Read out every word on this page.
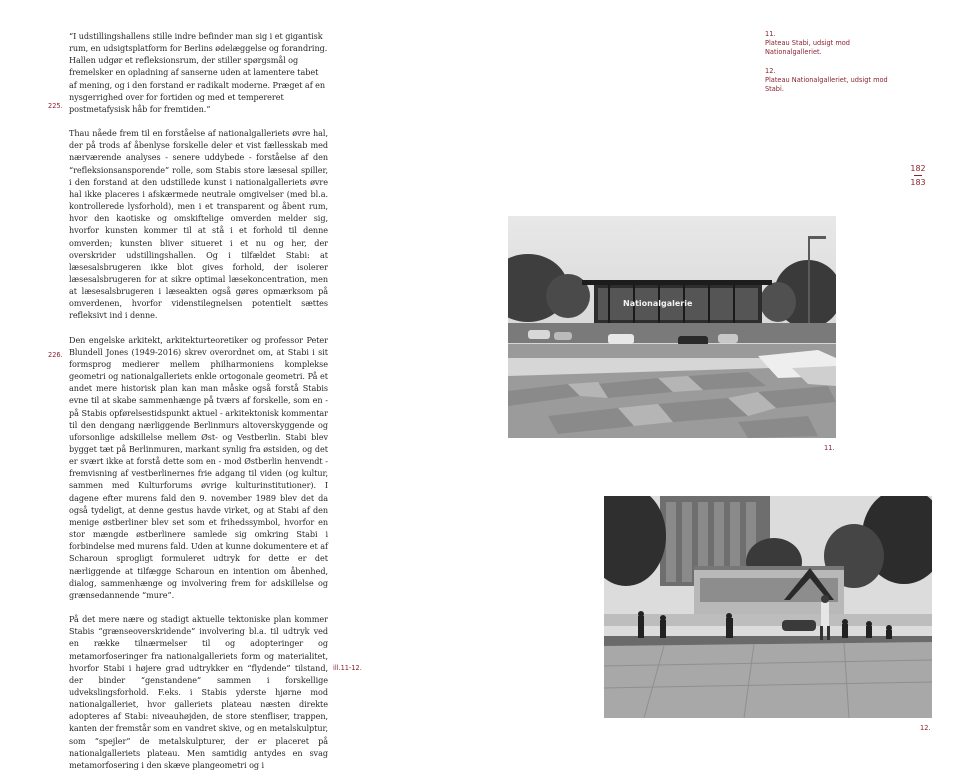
“I udstillingshallens stille indre befinder man sig i et gigantisk rum, en udsigtsplatform for Berlins ødelæggelse og forandring. Hallen udgør et refleksionsrum, der stiller spørgsmål og fremelsker en opladning af sanserne uden at lamentere tabet af mening, og i den forstand er radikalt moderne. Præget af en nysgerrighed over for fortiden og med et tempereret postmetafysisk håb for fremtiden.”

Thau nåede frem til en forståelse af nationalgalleriets øvre hal, der på trods af åbenlyse forskelle deler et vist fællesskab med nærværende analyses - senere uddybede - forståelse af den “refleksionsansporende” rolle, som Stabis store læsesal spiller, i den forstand at den udstillede kunst i nationalgalleriets øvre hal ikke placeres i afskærmede neutrale omgivelser (med bl.a. kontrollerede lysforhold), men i et transparent og åbent rum, hvor den kaotiske og omskiftelige omverden melder sig, hvorfor kunsten kommer til at stå i et forhold til denne omverden; kunsten bliver situeret i et nu og her, der overskrider udstillingshallen. Og i tilfældet Stabi: at læsesalsbrugeren ikke blot gives forhold, der isolerer læsesalsbrugeren for at sikre optimal læsekoncentration, men at læsesalsbrugeren i læseakten også gøres opmærksom på omverdenen, hvorfor videnstilegnelsen potentielt sættes refleksivt ind i denne.

Den engelske arkitekt, arkitekturteoretiker og professor Peter Blundell Jones (1949-2016) skrev overordnet om, at Stabi i sit formsprog medierer mellem philharmoniens komplekse geometri og nationalgalleriets enkle ortogonale geometri. På et andet mere historisk plan kan man måske også forstå Stabis evne til at skabe sammenhænge på tværs af forskelle, som en - på Stabis opførelsestidspunkt aktuel - arkitektonisk kommentar til den dengang nærliggende Berlinmurs altoverskyggende og uforsonlige adskillelse mellem Øst- og Vestberlin. Stabi blev bygget tæt på Berlinmuren, markant synlig fra østsiden, og det er svært ikke at forstå dette som en - mod Østberlin henvendt - fremvisning af vestberlinernes frie adgang til viden (og kultur, sammen med Kulturforums øvrige kulturinstitutioner). I dagene efter murens fald den 9. november 1989 blev det da også tydeligt, at denne gestus havde virket, og at Stabi af den menige østberliner blev set som et frihedssymbol, hvorfor en stor mængde østberlinere samlede sig omkring Stabi i forbindelse med murens fald. Uden at kunne dokumentere et af Scharoun sprogligt formuleret udtryk for dette er det nærliggende at tilfægge Scharoun en intention om åbenhed, dialog, sammenhænge og involvering frem for adskillelse og grænsedannende “mure”.

På det mere nære og stadigt aktuelle tektoniske plan kommer Stabis “grænseoverskridende” involvering bl.a. til udtryk ved en række tilnærmelser til og adopteringer og metamorfoseringer fra nationalgalleriets form og materialitet, hvorfor Stabi i højere grad udtrykker en “flydende” tilstand, der binder “genstandene” sammen i forskellige udvekslingsforhold. F.eks. i Stabis yderste hjørne mod nationalgalleriet, hvor galleriets plateau næsten direkte adopteres af Stabi: niveauhøjden, de store stenfliser, trappen, kanten der fremstår som en vandret skive, og en metalskulptur, som “spejler” de metalskulpturer, der er placeret på nationalgalleriets plateau. Men samtidig antydes en svag metamorfosering i den skæve plangeometri og i

225.
226.
ill.11-12.
11.
Plateau Stabi, udsigt mod Nationalgalleriet.
12.
Plateau Nationalgalleriet, udsigt mod Stabi.
182
183
Nationalgalerie
11.
12.
